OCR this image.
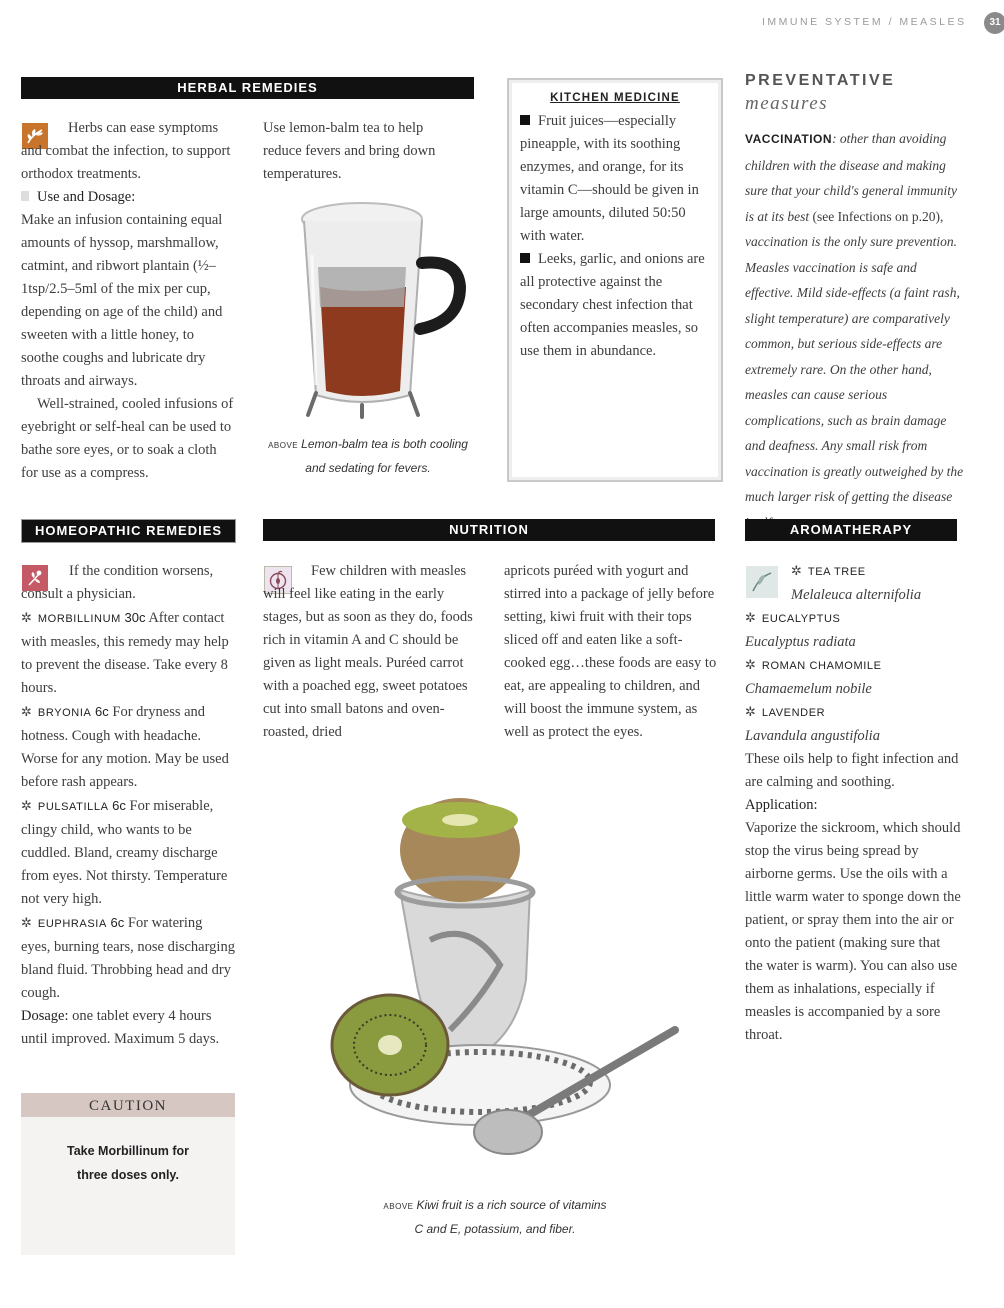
IMMUNE SYSTEM / MEASLES	31
HERBAL REMEDIES

Herbs can ease symptoms and combat the infection, to support orthodox treatments.

Use and Dosage:

Make an infusion containing equal amounts of hyssop, marshmallow, catmint, and ribwort plantain (½–1tsp/2.5–5ml of the mix per cup, depending on age of the child) and sweeten with a little honey, to soothe coughs and lubricate dry throats and airways.

Well-strained, cooled infusions of eyebright or self-heal can be used to bathe sore eyes, or to soak a cloth for use as a compress.

Use lemon-balm tea to help reduce fevers and bring down temperatures.
ABOVE Lemon-balm tea is both cooling and sedating for fevers.
KITCHEN MEDICINE

Fruit juices—especially pineapple, with its soothing enzymes, and orange, for its vitamin C—should be given in large amounts, diluted 50:50 with water.

Leeks, garlic, and onions are all protective against the secondary chest infection that often accompanies measles, so use them in abundance.

PREVENTATIVE
measures
VACCINATION: other than avoiding children with the disease and making sure that your child's general immunity is at its best (see Infections on p.20), vaccination is the only sure prevention. Measles vaccination is safe and effective. Mild side-effects (a faint rash, slight temperature) are comparatively common, but serious side-effects are extremely rare. On the other hand, measles can cause serious complications, such as brain damage and deafness. Any small risk from vaccination is greatly outweighed by the much larger risk of getting the disease
HOMEOPATHIC REMEDIES

If the condition worsens, consult a physician.

✲ MORBILLINUM 30c After contact with measles, this remedy may help to prevent the disease. Take every 8 hours.

✲ BRYONIA 6c For dryness and hotness. Cough with headache. Worse for any motion. May be used before rash appears.

✲ PULSATILLA 6c For miserable, clingy child, who wants to be cuddled. Bland, creamy discharge from eyes. Not thirsty. Temperature not very high.

✲ EUPHRASIA 6c For watering eyes, burning tears, nose discharging bland fluid. Throbbing head and dry cough.

Dosage: one tablet every 4 hours until improved. Maximum 5 days.

CAUTION
Take Morbillinum for three doses only.
NUTRITION
Few children with measles will feel like eating in the early stages, but as soon as they do, foods rich in vitamin A and C should be given as light meals. Puréed carrot with a poached egg, sweet potatoes cut into small batons and oven-roasted, dried
apricots puréed with yogurt and stirred into a package of jelly before setting, kiwi fruit with their tops sliced off and eaten like a soft-cooked egg…these foods are easy to eat, are appealing to children, and will boost the immune system, as well as protect the eyes.
ABOVE Kiwi fruit is a rich source of vitamins C and E, potassium, and fiber.
AROMATHERAPY

✲ TEA TREE

Melaleuca alternifolia

✲ EUCALYPTUS

Eucalyptus radiata

✲ ROMAN CHAMOMILE

Chamaemelum nobile

✲ LAVENDER

Lavandula angustifolia

These oils help to fight infection and are calming and soothing.

Application:

Vaporize the sickroom, which should stop the virus being spread by airborne germs. Use the oils with a little warm water to sponge down the patient, or spray them into the air or onto the patient (making sure that the water is warm). You can also use them as inhalations, especially if measles is accompanied by a sore throat.
